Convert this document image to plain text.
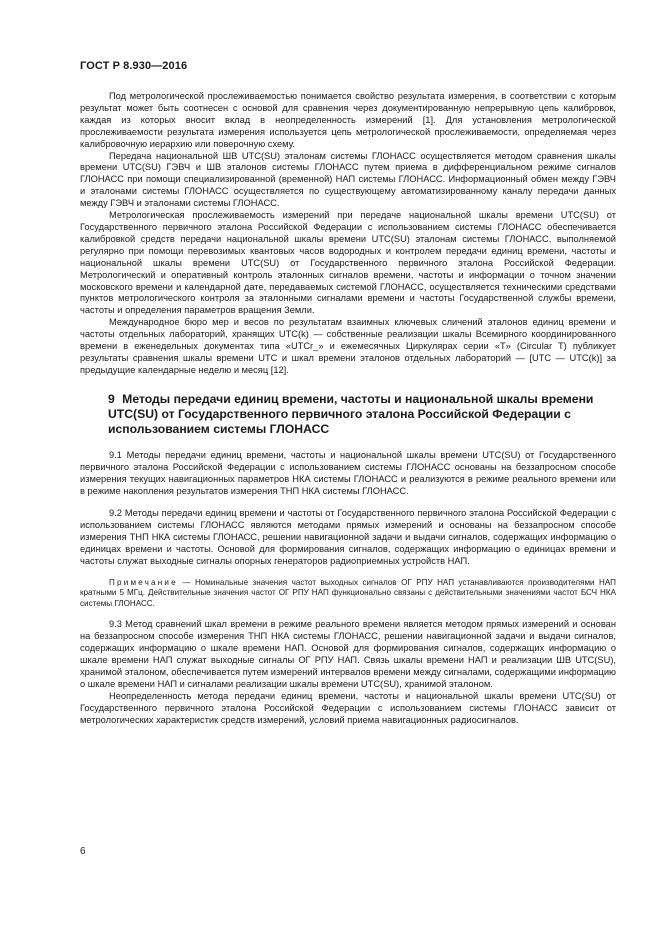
ГОСТ Р 8.930—2016

Под метрологической прослеживаемостью понимается свойство результата измерения, в соответствии с которым результат может быть соотнесен с основой для сравнения через документированную непрерывную цепь калибровок, каждая из которых вносит вклад в неопределенность измерений [1]. Для установления метрологической прослеживаемости результата измерения используется цепь метрологической прослеживаемости, определяемая через калибровочную иерархию или поверочную схему.

Передача национальной ШВ UTC(SU) эталонам системы ГЛОНАСС осуществляется методом сравнения шкалы времени UTC(SU) ГЭВЧ и ШВ эталонов системы ГЛОНАСС путем приема в дифференциальном режиме сигналов ГЛОНАСС при помощи специализированной (временной) НАП системы ГЛОНАСС. Информационный обмен между ГЭВЧ и эталонами системы ГЛОНАСС осуществляется по существующему автоматизированному каналу передачи данных между ГЭВЧ и эталонами системы ГЛОНАСС.

Метрологическая прослеживаемость измерений при передаче национальной шкалы времени UTC(SU) от Государственного первичного эталона Российской Федерации с использованием системы ГЛОНАСС обеспечивается калибровкой средств передачи национальной шкалы времени UTC(SU) эталонам системы ГЛОНАСС, выполняемой регулярно при помощи перевозимых квантовых часов водородных и контролем передачи единиц времени, частоты и национальной шкалы времени UTC(SU) от Государственного первичного эталона Российской Федерации. Метрологический и оперативный контроль эталонных сигналов времени, частоты и информации о точном значении московского времени и календарной дате, передаваемых системой ГЛОНАСС, осуществляется техническими средствами пунктов метрологического контроля за эталонными сигналами времени и частоты Государственной службы времени, частоты и определения параметров вращения Земли.

Международное бюро мер и весов по результатам взаимных ключевых сличений эталонов единиц времени и частоты отдельных лабораторий, хранящих UTC(k) — собственные реализации шкалы Всемирного координированного времени в еженедельных документах типа «UTCr_» и ежемесячных Циркулярах серии «T» (Circular T) публикует результаты сравнения шкалы времени UTC и шкал времени эталонов отдельных лабораторий — [UTC — UTC(k)] за предыдущие календарные неделю и месяц [12].

9 Методы передачи единиц времени, частоты и национальной шкалы времени UTC(SU) от Государственного первичного эталона Российской Федерации с использованием системы ГЛОНАСС

9.1 Методы передачи единиц времени, частоты и национальной шкалы времени UTC(SU) от Государственного первичного эталона Российской Федерации с использованием системы ГЛОНАСС основаны на беззапросном способе измерения текущих навигационных параметров НКА системы ГЛОНАСС и реализуются в режиме реального времени или в режиме накопления результатов измерения ТНП НКА системы ГЛОНАСС.

9.2 Методы передачи единиц времени и частоты от Государственного первичного эталона Российской Федерации с использованием системы ГЛОНАСС являются методами прямых измерений и основаны на беззапросном способе измерения ТНП НКА системы ГЛОНАСС, решении навигационной задачи и выдачи сигналов, содержащих информацию о единицах времени и частоты. Основой для формирования сигналов, содержащих информацию о единицах времени и частоты служат выходные сигналы опорных генераторов радиоприемных устройств НАП.

Примечание — Номинальные значения частот выходных сигналов ОГ РПУ НАП устанавливаются производителями НАП кратными 5 МГц. Действительные значения частот ОГ РПУ НАП функционально связаны с действительными значениями частот БСЧ НКА системы ГЛОНАСС.

9.3 Метод сравнений шкал времени в режиме реального времени является методом прямых измерений и основан на беззапросном способе измерения ТНП НКА системы ГЛОНАСС, решении навигационной задачи и выдачи сигналов, содержащих информацию о шкале времени НАП. Основой для формирования сигналов, содержащих информацию о шкале времени НАП служат выходные сигналы ОГ РПУ НАП. Связь шкалы времени НАП и реализации ШВ UTC(SU), хранимой эталоном, обеспечивается путем измерений интервалов времени между сигналами, содержащими информацию о шкале времени НАП и сигналами реализации шкалы времени UTC(SU), хранимой эталоном.

Неопределенность метода передачи единиц времени, частоты и национальной шкалы времени UTC(SU) от Государственного первичного эталона Российской Федерации с использованием системы ГЛОНАСС зависит от метрологических характеристик средств измерений, условий приема навигационных радиосигналов.

6
